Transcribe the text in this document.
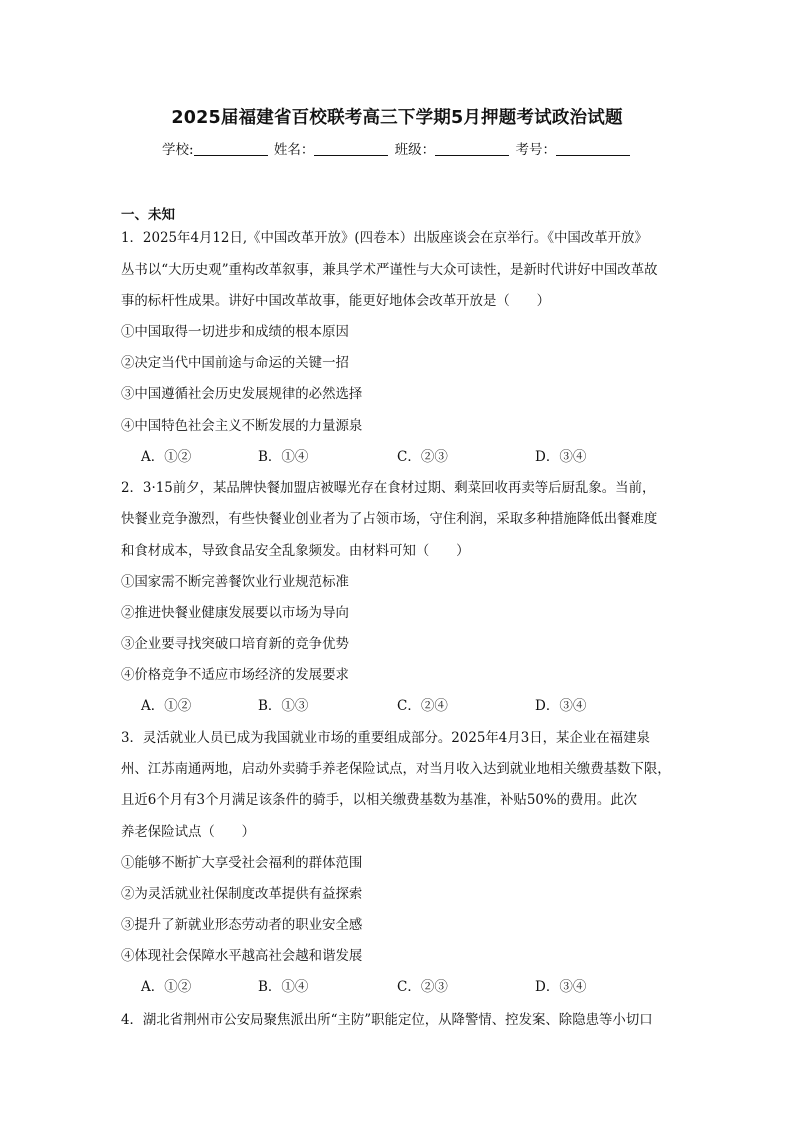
2025届福建省百校联考高三下学期5月押题考试政治试题
学校:	姓名：	班级：	考号：
一、未知
1．2025年4月12日,《中国改革开放》(四卷本）出版座谈会在京举行。《中国改革开放》
丛书以“大历史观”重构改革叙事，兼具学术严谨性与大众可读性，是新时代讲好中国改革故
事的标杆性成果。讲好中国改革故事，能更好地体会改革开放是（　　）
①中国取得一切进步和成绩的根本原因
②决定当代中国前途与命运的关键一招
③中国遵循社会历史发展规律的必然选择
④中国特色社会主义不断发展的力量源泉
A．①②	B．①④	C．②③	D．③④
2．3·15前夕，某品牌快餐加盟店被曝光存在食材过期、剩菜回收再卖等后厨乱象。当前，
快餐业竞争激烈，有些快餐业创业者为了占领市场，守住利润，采取多种措施降低出餐难度
和食材成本，导致食品安全乱象频发。由材料可知（　　）
①国家需不断完善餐饮业行业规范标准
②推进快餐业健康发展要以市场为导向
③企业要寻找突破口培育新的竞争优势
④价格竞争不适应市场经济的发展要求
A．①②	B．①③	C．②④	D．③④
3．灵活就业人员已成为我国就业市场的重要组成部分。2025年4月3日，某企业在福建泉
州、江苏南通两地，启动外卖骑手养老保险试点，对当月收入达到就业地相关缴费基数下限，
且近6个月有3个月满足该条件的骑手，以相关缴费基数为基准，补贴50%的费用。此次
养老保险试点（　　）
①能够不断扩大享受社会福利的群体范围
②为灵活就业社保制度改革提供有益探索
③提升了新就业形态劳动者的职业安全感
④体现社会保障水平越高社会越和谐发展
A．①②	B．①④	C．②③	D．③④
4．湖北省荆州市公安局聚焦派出所“主防”职能定位，从降警情、控发案、除隐患等小切口
